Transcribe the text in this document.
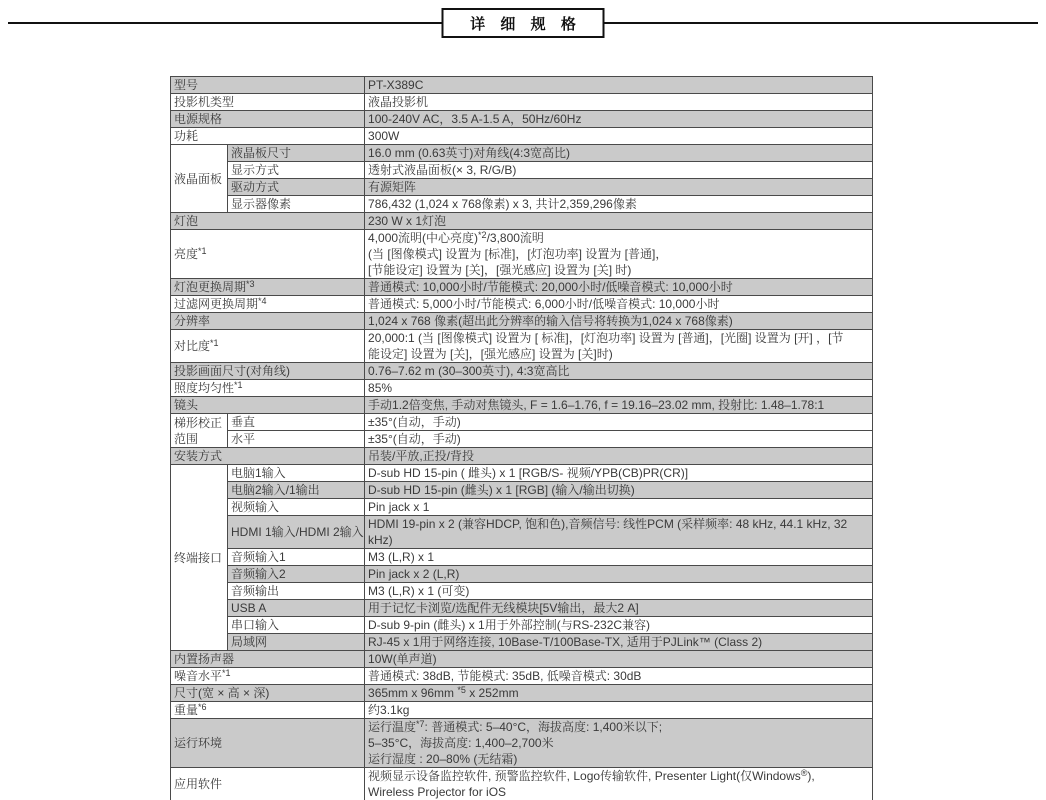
详 细 规 格
型号		PT-X389C

投影机类型		液晶投影机

电源规格		100-240V AC，3.5 A-1.5 A，50Hz/60Hz

功耗		300W

液晶面板	液晶板尺寸	16.0 mm (0.63英寸)对角线(4:3宽高比)

	显示方式	透射式液晶面板(× 3, R/G/B)

	驱动方式	有源矩阵

	显示器像素	786,432 (1,024 x 768像素) x 3, 共计2,359,296像素

灯泡		230 W x 1灯泡

亮度$^{*1}$		4,000流明(中心亮度)$^{*2}$/3,800流明
(当 [图像模式] 设置为 [标准]，[灯泡功率] 设置为 [普通]，
[节能设定] 设置为 [关]，[强光感应] 设置为 [关] 时)

灯泡更换周期$^{*3}$		普通模式: 10,000小时/节能模式: 20,000小时/低噪音模式: 10,000小时

过滤网更换周期$^{*4}$		普通模式: 5,000小时/节能模式: 6,000小时/低噪音模式: 10,000小时

分辨率		1,024 x 768 像素(超出此分辨率的输入信号将转换为1,024 x 768像素)

对比度$^{*1}$		20,000:1 (当 [图像模式] 设置为 [ 标准]，[灯泡功率] 设置为 [普通]，[光圈] 设置为 [开] ，[节
能设定] 设置为 [关]，[强光感应] 设置为 [关]时)

投影画面尺寸(对角线)		0.76–7.62 m (30–300英寸), 4:3宽高比

照度均匀性$^{*1}$		85%

镜头		手动1.2倍变焦, 手动对焦镜头, F = 1.6–1.76, f = 19.16–23.02 mm, 投射比: 1.48–1.78:1

梯形校正范围	垂直	±35°(自动，手动)

	水平	±35°(自动，手动)

安装方式		吊装/平放,正投/背投

终端接口	电脑1输入	D-sub HD 15-pin ( 雌头) x 1 [RGB/S- 视频/YPB(CB)PR(CR)]

	电脑2输入/1输出	D-sub HD 15-pin (雌头) x 1 [RGB] (输入/输出切换)

	视频输入	Pin jack x 1

	HDMI 1输入/HDMI 2输入	HDMI 19-pin x 2 (兼容HDCP, 饱和色),音频信号: 线性PCM (采样频率: 48 kHz, 44.1 kHz, 32
kHz)

	音频输入1	M3 (L,R) x 1

	音频输入2	Pin jack x 2 (L,R)

	音频输出	M3 (L,R) x 1 (可变)

	USB A	用于记忆卡浏览/选配件无线模块[5V输出，最大2 A]

	串口输入	D-sub 9-pin (雌头) x 1用于外部控制(与RS-232C兼容)

	局域网	RJ-45 x 1用于网络连接, 10Base-T/100Base-TX, 适用于PJLink™ (Class 2)

内置扬声器		10W(单声道)

噪音水平$^{*1}$		普通模式: 38dB, 节能模式: 35dB, 低噪音模式: 30dB

尺寸(宽 × 高 × 深)		365mm x 96mm $^{*5}$ x 252mm

重量$^{*6}$		约3.1kg

运行环境		运行温度$^{*7}$: 普通模式: 5–40°C，海拔高度: 1,400米以下;
5–35°C，海拔高度: 1,400–2,700米
运行湿度 : 20–80% (无结霜)

应用软件		视频显示设备监控软件, 预警监控软件, Logo传输软件, Presenter Light(仅Windows®),
Wireless Projector for iOS
